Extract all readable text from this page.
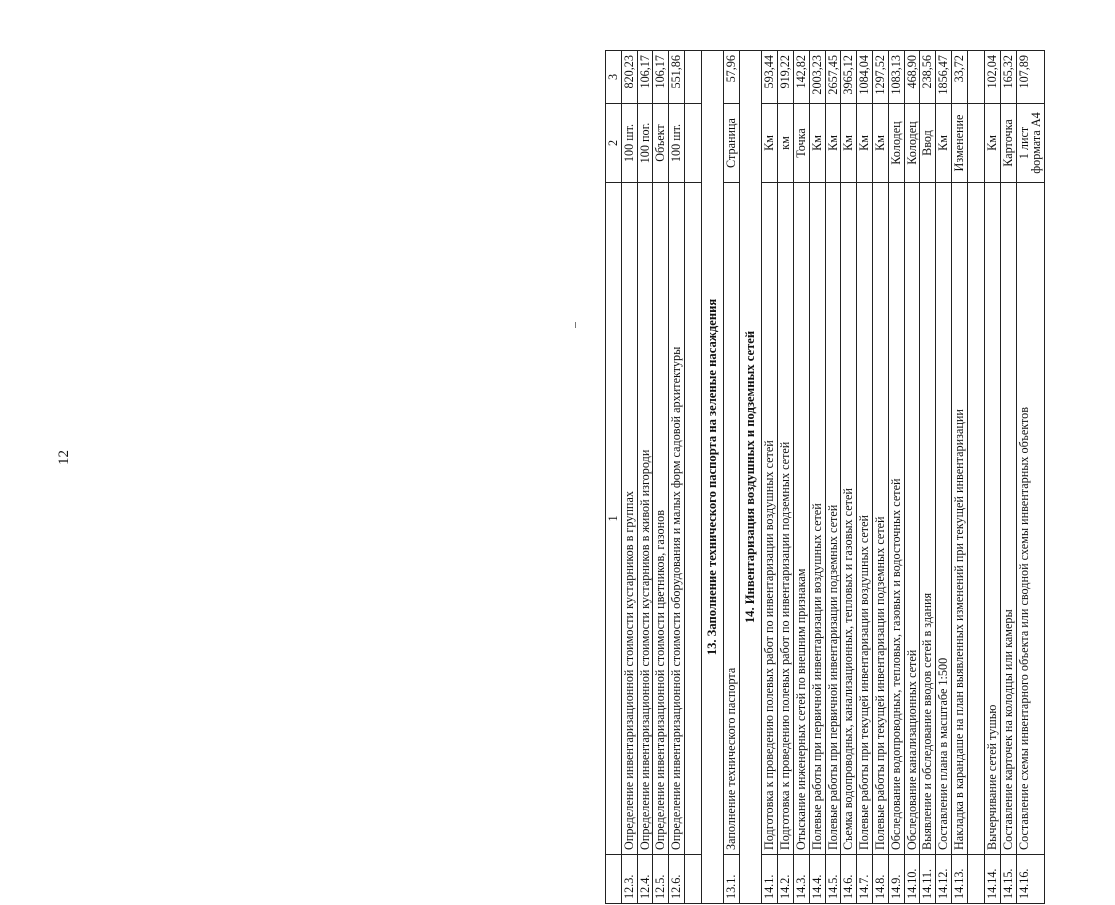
12
	1	2	3
12.3.	Определение инвентаризационной стоимости кустарников в группах	100 шт.	820,23
12.4.	Определение инвентаризационной стоимости кустарников в живой изгороди	100 пог.	106,17
12.5.	Определение инвентаризационной стоимости цветников, газонов	Объект	106,17
12.6.	Определение инвентаризационной стоимости оборудования и малых форм садовой архитектуры	100 шт.	551,86

13. Заполнение технического паспорта на зеленые насаждения			
13.1.	Заполнение технического паспорта	Страница	57,96
14. Инвентаризация воздушных и подземных сетей			
14.1.	Подготовка к проведению полевых работ по инвентаризации воздушных сетей	Км	593,44
14.2.	Подготовка к проведению полевых работ по инвентаризации подземных сетей	км	919,22
14.3.	Отыскание инженерных сетей по внешним признакам	Точка	142,82
14.4.	Полевые работы при первичной инвентаризации воздушных сетей	Км	2003,23
14.5.	Полевые работы при первичной инвентаризации подземных сетей	Км	2657,45
14.6.	Съемка водопроводных, канализационных, тепловых и газовых сетей	Км	3965,12
14.7.	Полевые работы при текущей инвентаризации воздушных сетей	Км	1084,04
14.8.	Полевые работы при текущей инвентаризации подземных сетей	Км	1297,52
14.9.	Обследование водопроводных, тепловых, газовых и водосточных сетей	Колодец	1083,13
14.10.	Обследование канализационных сетей	Колодец	468,90
14.11.	Выявление и обследование вводов сетей в здания	Ввод	238,56
14.12.	Составление плана в масштабе 1:500	Км	1856,47
14.13.	Накладка в карандаше на план выявленных изменений при текущей инвентаризации	Изменение	33,72

14.14.	Вычерчивание сетей тушью	Км	102,04
14.15.	Составление карточек на колодцы или камеры	Карточка	165,32
14.16.	Составление схемы инвентарного объекта или сводной схемы инвентарных объектов	1 лист формата А4	107,89
